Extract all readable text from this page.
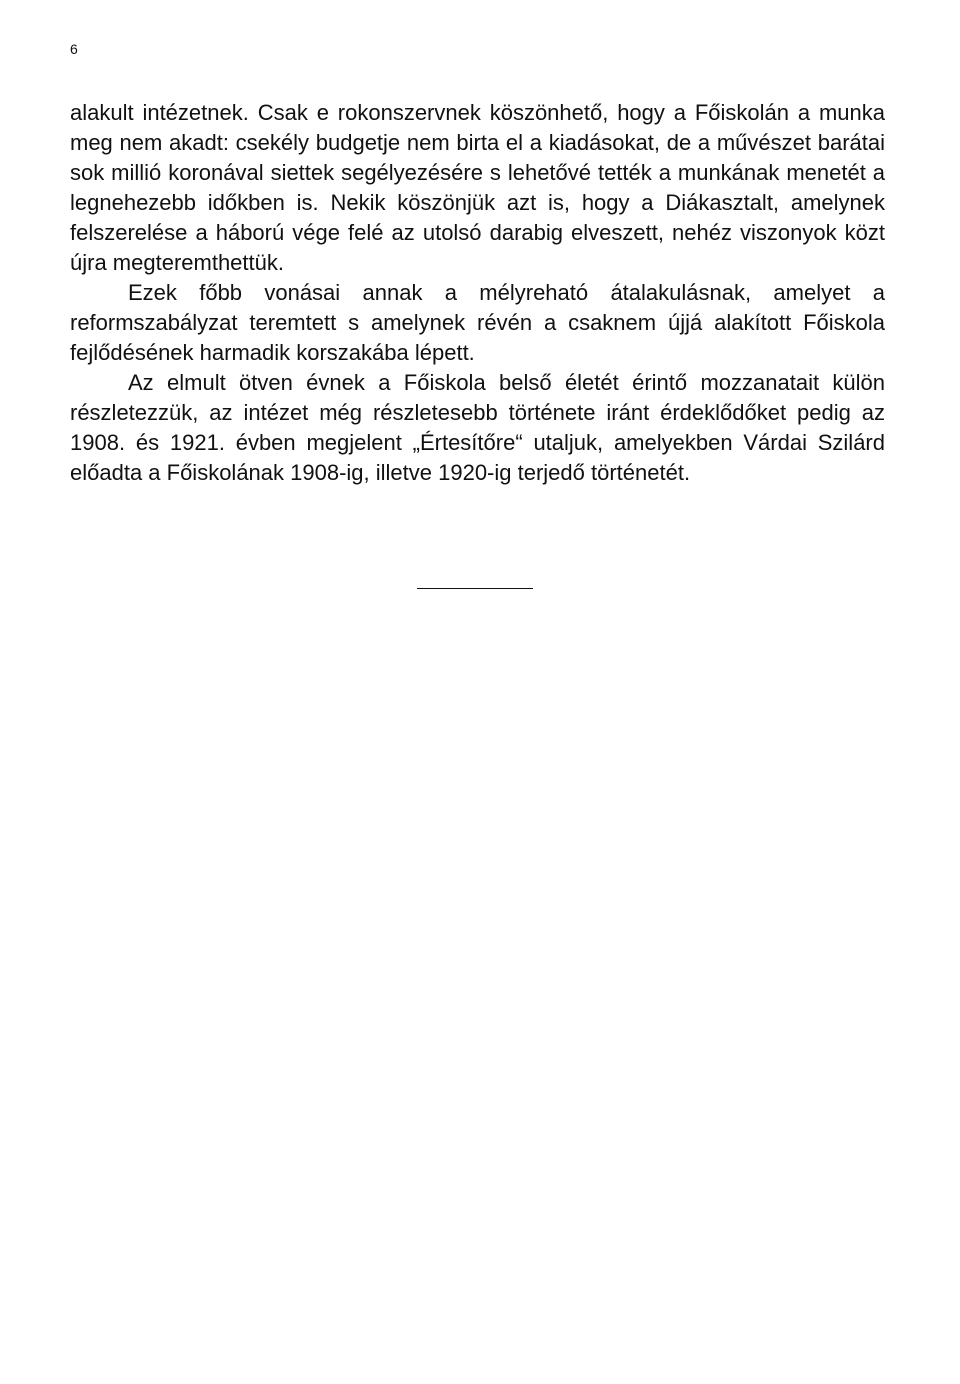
6

alakult intézetnek. Csak e rokonszervnek köszönhető, hogy a Főiskolán a munka meg nem akadt: csekély budgetje nem birta el a kiadásokat, de a művészet barátai sok millió koronával siettek segélyezésére s lehetővé tették a munkának menetét a legnehezebb időkben is. Nekik köszönjük azt is, hogy a Diákasztalt, amelynek felszerelése a háború vége felé az utolsó darabig elveszett, nehéz viszonyok közt újra megteremthettük.

Ezek főbb vonásai annak a mélyreható átalakulásnak, amelyet a reformszabályzat teremtett s amelynek révén a csaknem újjá alakított Főiskola fejlődésének harmadik korszakába lépett.

Az elmult ötven évnek a Főiskola belső életét érintő mozzanatait külön részletezzük, az intézet még részletesebb története iránt érdeklődőket pedig az 1908. és 1921. évben megjelent „Értesítőre“ utaljuk, amelyekben Várdai Szilárd előadta a Főiskolának 1908-ig, illetve 1920-ig terjedő történetét.
